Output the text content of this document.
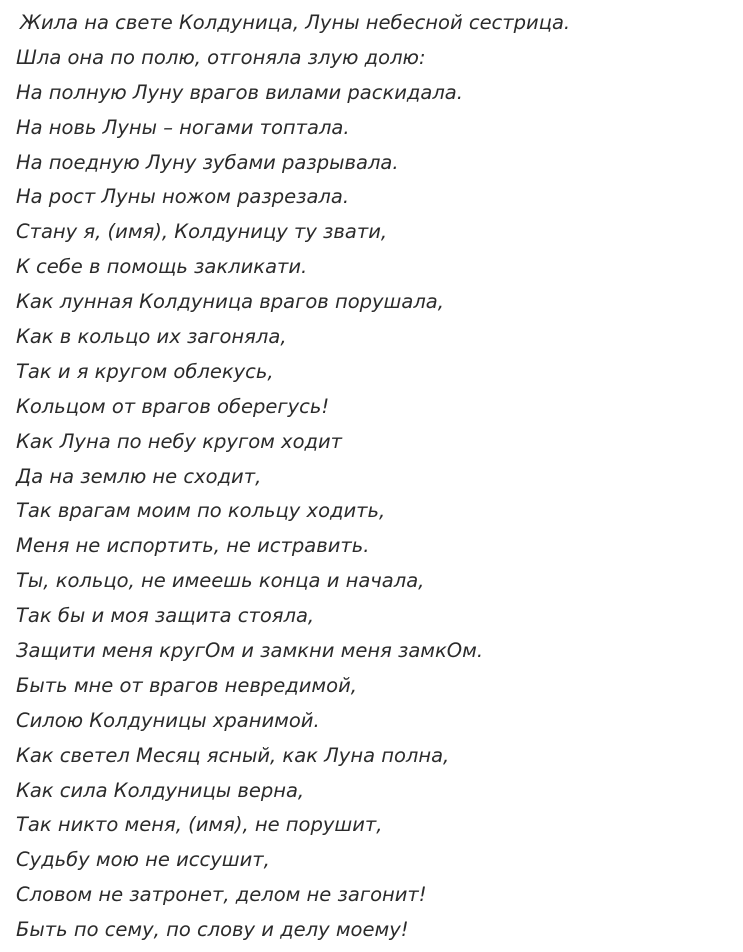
Жила на свете Колдуница, Луны небесной сестрица.
Шла она по полю, отгоняла злую долю:
На полную Луну врагов вилами раскидала.
На новь Луны – ногами топтала.
На поедную Луну зубами разрывала.
На рост Луны ножом разрезала.
Стану я, (имя), Колдуницу ту звати,
К себе в помощь закликати.
Как лунная Колдуница врагов порушала,
Как в кольцо их загоняла,
Так и я кругом облекусь,
Кольцом от врагов оберегусь!
Как Луна по небу кругом ходит
Да на землю не сходит,
Так врагам моим по кольцу ходить,
Меня не испортить, не истравить.
Ты, кольцо, не имеешь конца и начала,
Так бы и моя защита стояла,
Защити меня кругОм и замкни меня замкОм.
Быть мне от врагов невредимой,
Силою Колдуницы хранимой.
Как светел Месяц ясный, как Луна полна,
Как сила Колдуницы верна,
Так никто меня, (имя), не порушит,
Судьбу мою не иссушит,
Словом не затронет, делом не загонит!
Быть по сему, по слову и делу моему!
